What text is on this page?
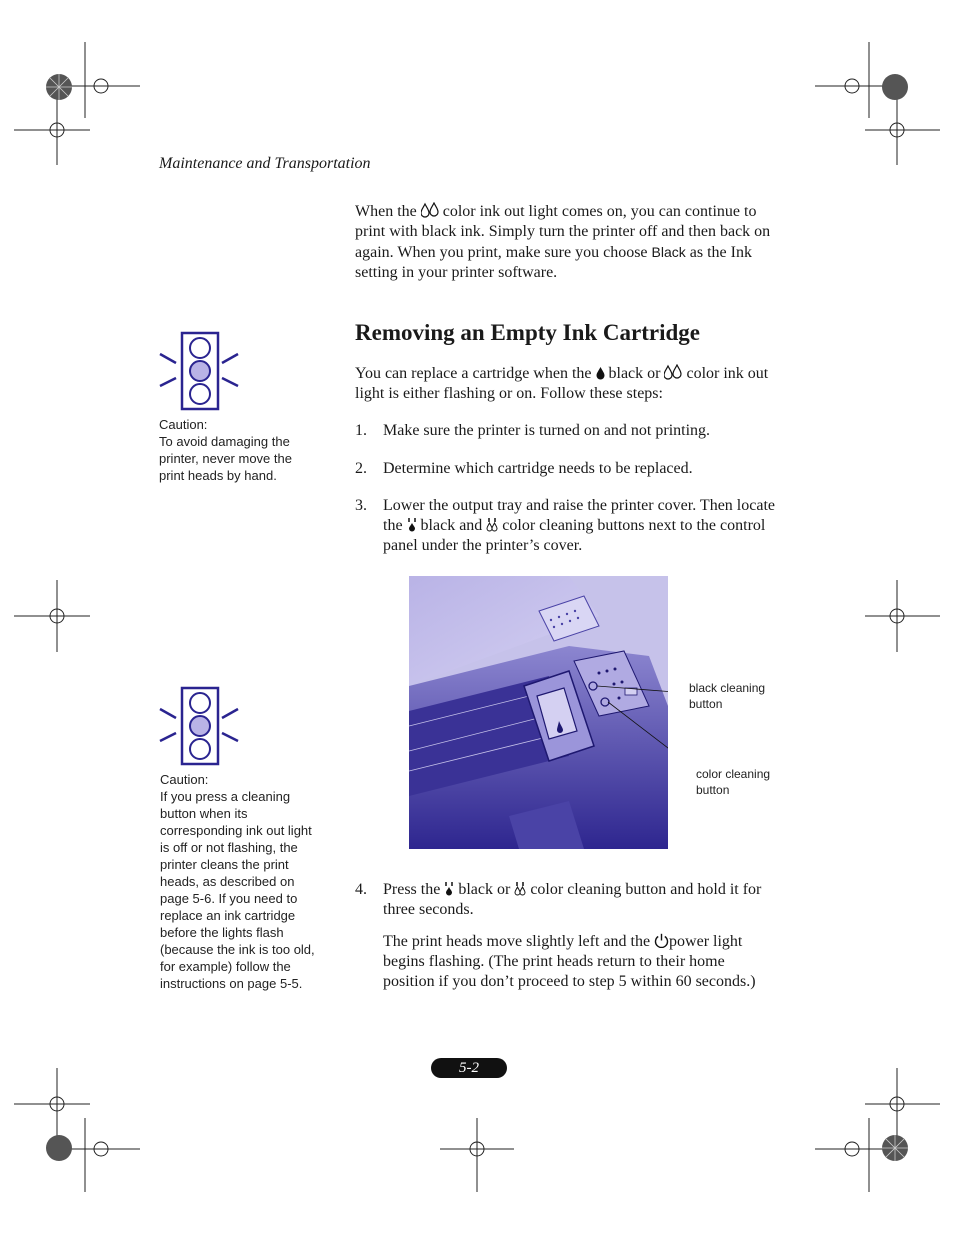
Maintenance and Transportation
When the color ink out light comes on, you can continue to print with black ink. Simply turn the printer off and then back on again. When you print, make sure you choose Black as the Ink setting in your printer software.
Caution:
To avoid damaging the printer, never move the print heads by hand.
Removing an Empty Ink Cartridge
You can replace a cartridge when the black or color ink out light is either flashing or on. Follow these steps:
1. Make sure the printer is turned on and not printing.
2. Determine which cartridge needs to be replaced.
3. Lower the output tray and raise the printer cover. Then locate the black and color cleaning buttons next to the control panel under the printer’s cover.
black cleaning button
color cleaning button
Caution:
If you press a cleaning button when its corresponding ink out light is off or not flashing, the printer cleans the print heads, as described on page 5-6. If you need to replace an ink cartridge before the lights flash (because the ink is too old, for example) follow the instructions on page 5-5.
4. Press the black or color cleaning button and hold it for three seconds.
The print heads move slightly left and the power light begins flashing. (The print heads return to their home position if you don’t proceed to step 5 within 60 seconds.)
5-2
